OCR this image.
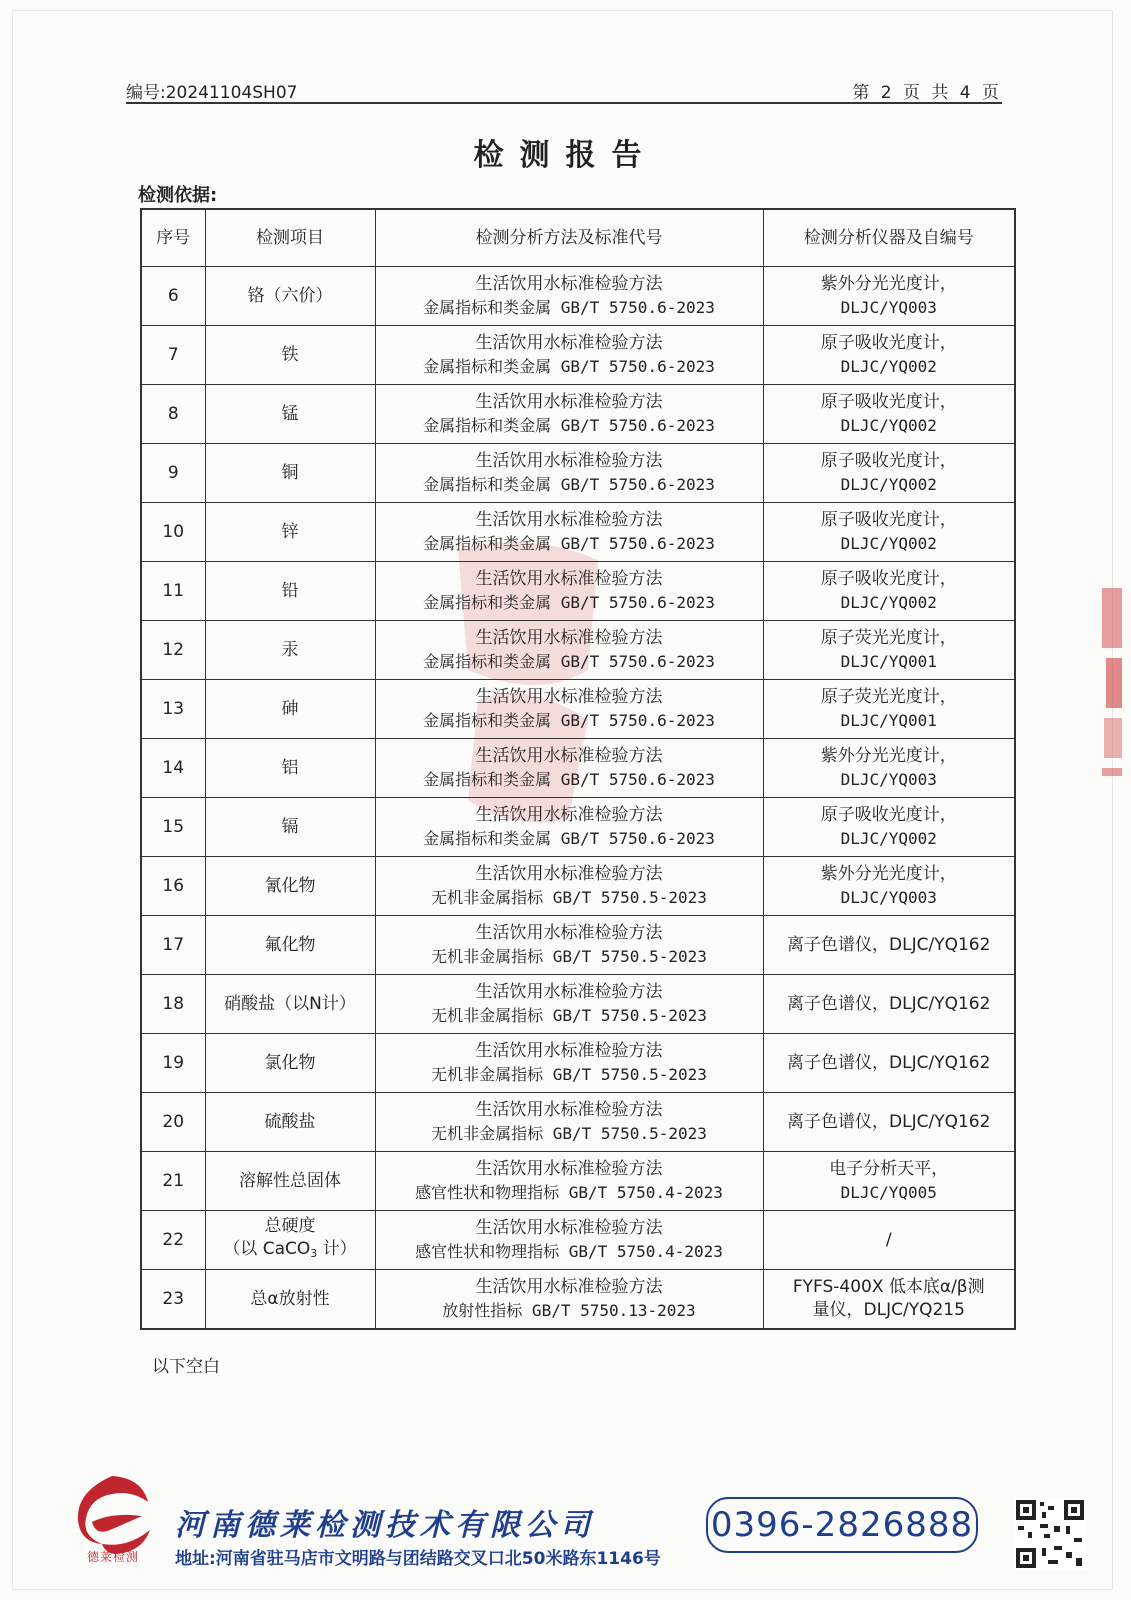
编号:20241104SH07	第 2 页 共 4 页
检测报告
检测依据:
序号	检测项目	检测分析方法及标准代号	检测分析仪器及自编号
6	铬（六价）	生活饮用水标准检验方法
金属指标和类金属 GB/T 5750.6-2023	紫外分光光度计，
DLJC/YQ003
7	铁	生活饮用水标准检验方法
金属指标和类金属 GB/T 5750.6-2023	原子吸收光度计，
DLJC/YQ002
8	锰	生活饮用水标准检验方法
金属指标和类金属 GB/T 5750.6-2023	原子吸收光度计，
DLJC/YQ002
9	铜	生活饮用水标准检验方法
金属指标和类金属 GB/T 5750.6-2023	原子吸收光度计，
DLJC/YQ002
10	锌	生活饮用水标准检验方法
金属指标和类金属 GB/T 5750.6-2023	原子吸收光度计，
DLJC/YQ002
11	铅	生活饮用水标准检验方法
金属指标和类金属 GB/T 5750.6-2023	原子吸收光度计，
DLJC/YQ002
12	汞	生活饮用水标准检验方法
金属指标和类金属 GB/T 5750.6-2023	原子荧光光度计，
DLJC/YQ001
13	砷	生活饮用水标准检验方法
金属指标和类金属 GB/T 5750.6-2023	原子荧光光度计，
DLJC/YQ001
14	铝	生活饮用水标准检验方法
金属指标和类金属 GB/T 5750.6-2023	紫外分光光度计，
DLJC/YQ003
15	镉	生活饮用水标准检验方法
金属指标和类金属 GB/T 5750.6-2023	原子吸收光度计，
DLJC/YQ002
16	氰化物	生活饮用水标准检验方法
无机非金属指标 GB/T 5750.5-2023	紫外分光光度计，
DLJC/YQ003
17	氟化物	生活饮用水标准检验方法
无机非金属指标 GB/T 5750.5-2023	离子色谱仪，DLJC/YQ162
18	硝酸盐（以N计）	生活饮用水标准检验方法
无机非金属指标 GB/T 5750.5-2023	离子色谱仪，DLJC/YQ162
19	氯化物	生活饮用水标准检验方法
无机非金属指标 GB/T 5750.5-2023	离子色谱仪，DLJC/YQ162
20	硫酸盐	生活饮用水标准检验方法
无机非金属指标 GB/T 5750.5-2023	离子色谱仪，DLJC/YQ162
21	溶解性总固体	生活饮用水标准检验方法
感官性状和物理指标 GB/T 5750.4-2023	电子分析天平，
DLJC/YQ005
22	总硬度
（以 CaCO$_3$ 计）	生活饮用水标准检验方法
感官性状和物理指标 GB/T 5750.4-2023	/
23	总α放射性	生活饮用水标准检验方法
放射性指标 GB/T 5750.13-2023	FYFS-400X 低本底α/β测
量仪，DLJC/YQ215
以下空白
德莱检测
河南德莱检测技术有限公司
地址:河南省驻马店市文明路与团结路交叉口北50米路东1146号
0396-2826888
